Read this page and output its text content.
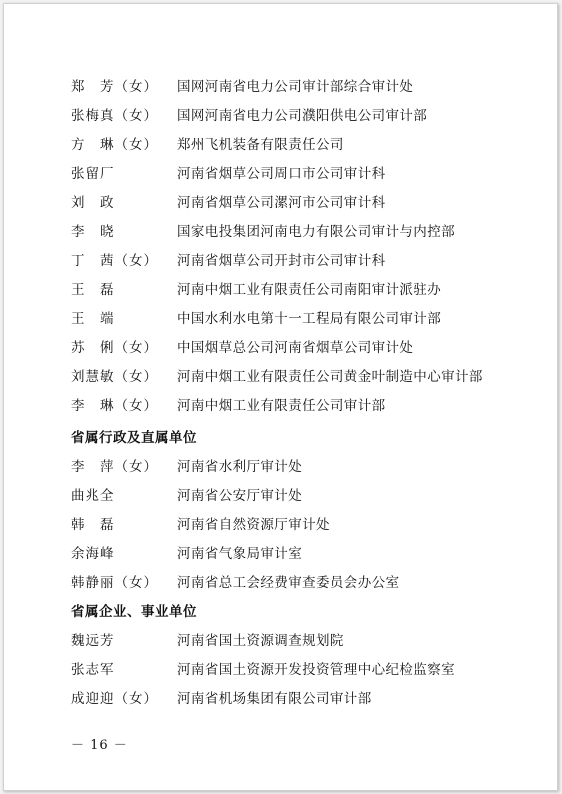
郑　芳（女） 国网河南省电力公司审计部综合审计处
张梅真（女） 国网河南省电力公司濮阳供电公司审计部
方　琳（女） 郑州飞机装备有限责任公司
张留厂	河南省烟草公司周口市公司审计科
刘　政	河南省烟草公司漯河市公司审计科
李　晓	国家电投集团河南电力有限公司审计与内控部
丁　茜（女） 河南省烟草公司开封市公司审计科
王　磊	河南中烟工业有限责任公司南阳审计派驻办
王　端	中国水利水电第十一工程局有限公司审计部
苏　俐（女） 中国烟草总公司河南省烟草公司审计处
刘慧敏（女） 河南中烟工业有限责任公司黄金叶制造中心审计部
李　琳（女） 河南中烟工业有限责任公司审计部
省属行政及直属单位
李　萍（女） 河南省水利厅审计处
曲兆全	河南省公安厅审计处
韩　磊	河南省自然资源厅审计处
余海峰	河南省气象局审计室
韩静丽（女） 河南省总工会经费审查委员会办公室
省属企业、事业单位
魏远芳	河南省国土资源调查规划院
张志军	河南省国土资源开发投资管理中心纪检监察室
成迎迎（女） 河南省机场集团有限公司审计部
－ 16 －
